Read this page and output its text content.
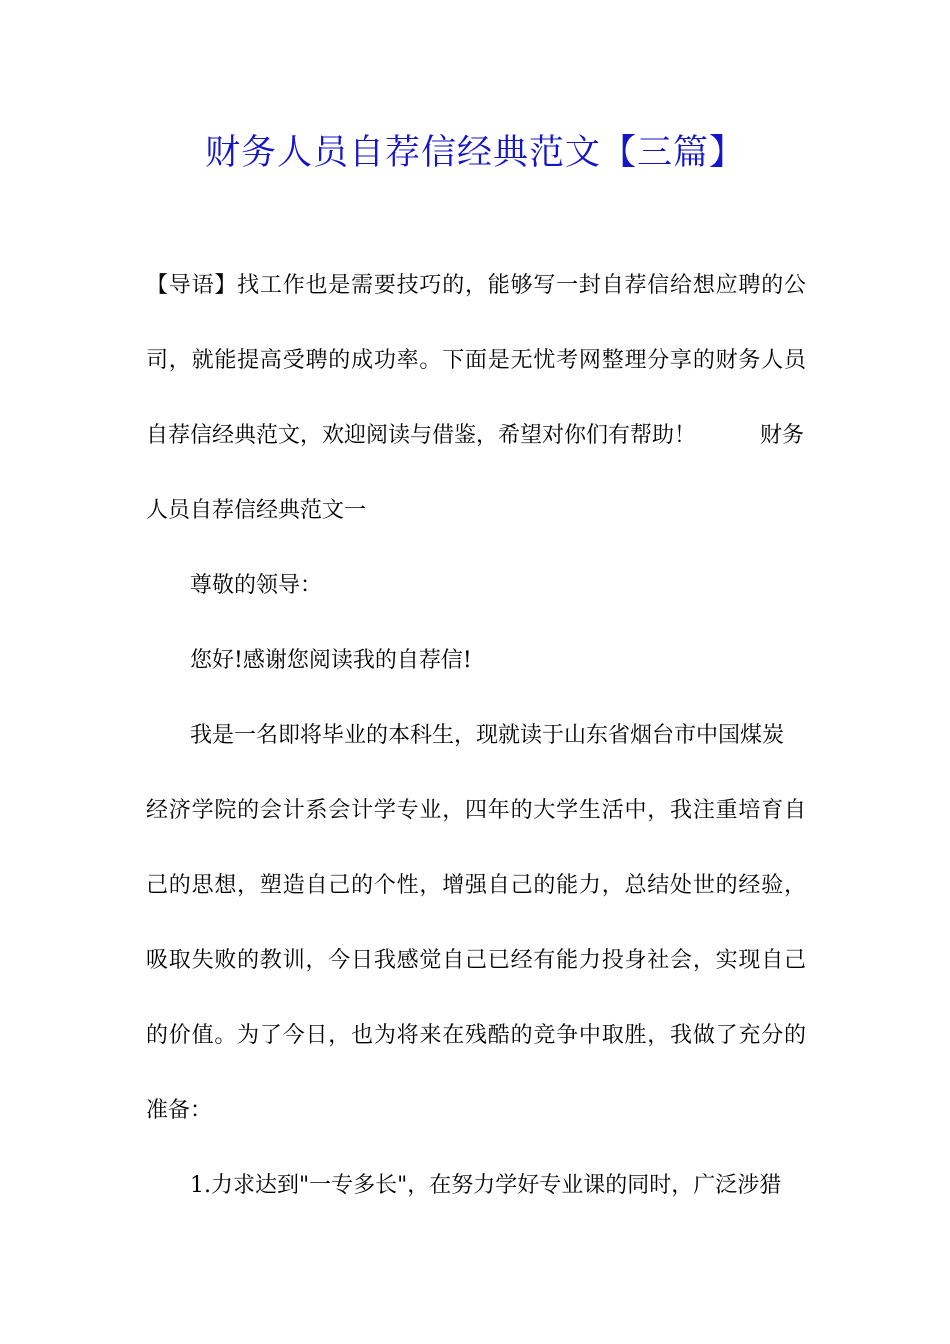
财务人员自荐信经典范文【三篇】
【导语】找工作也是需要技巧的，能够写一封自荐信给想应聘的公
司，就能提高受聘的成功率。下面是无忧考网整理分享的财务人员
自荐信经典范文，欢迎阅读与借鉴，希望对你们有帮助！	财务
人员自荐信经典范文一
尊敬的领导：
您好!感谢您阅读我的自荐信!
我是一名即将毕业的本科生，现就读于山东省烟台市中国煤炭
经济学院的会计系会计学专业，四年的大学生活中，我注重培育自
己的思想，塑造自己的个性，增强自己的能力，总结处世的经验，
吸取失败的教训，今日我感觉自己已经有能力投身社会，实现自己
的价值。为了今日，也为将来在残酷的竞争中取胜，我做了充分的
准备：
1.力求达到"一专多长"，在努力学好专业课的同时，广泛涉猎
